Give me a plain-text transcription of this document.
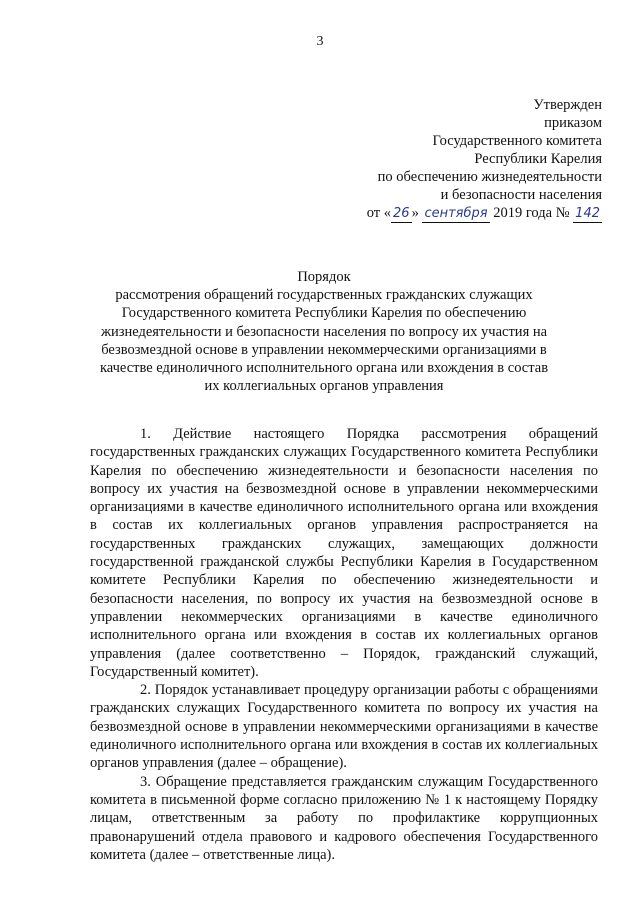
3
Утвержден
приказом
Государственного комитета
Республики Карелия
по обеспечению жизнедеятельности
и безопасности населения
от « 26 » сентября 2019 года № 142
Порядок
рассмотрения обращений государственных гражданских служащих
Государственного комитета Республики Карелия по обеспечению
жизнедеятельности и безопасности населения по вопросу их участия на
безвозмездной основе в управлении некоммерческими организациями в
качестве единоличного исполнительного органа или вхождения в состав
их коллегиальных органов управления

1. Действие настоящего Порядка рассмотрения обращений государственных гражданских служащих Государственного комитета Республики Карелия по обеспечению жизнедеятельности и безопасности населения по вопросу их участия на безвозмездной основе в управлении некоммерческими организациями в качестве единоличного исполнительного органа или вхождения в состав их коллегиальных органов управления распространяется на государственных гражданских служащих, замещающих должности государственной гражданской службы Республики Карелия в Государственном комитете Республики Карелия по обеспечению жизнедеятельности и безопасности населения, по вопросу их участия на безвозмездной основе в управлении некоммерческих организациями в качестве единоличного исполнительного органа или вхождения в состав их коллегиальных органов управления (далее соответственно – Порядок, гражданский служащий, Государственный комитет).

2. Порядок устанавливает процедуру организации работы с обращениями гражданских служащих Государственного комитета по вопросу их участия на безвозмездной основе в управлении некоммерческими организациями в качестве единоличного исполнительного органа или вхождения в состав их коллегиальных органов управления (далее – обращение).

3. Обращение представляется гражданским служащим Государственного комитета в письменной форме согласно приложению № 1 к настоящему Порядку лицам, ответственным за работу по профилактике коррупционных правонарушений отдела правового и кадрового обеспечения Государственного комитета (далее – ответственные лица).
